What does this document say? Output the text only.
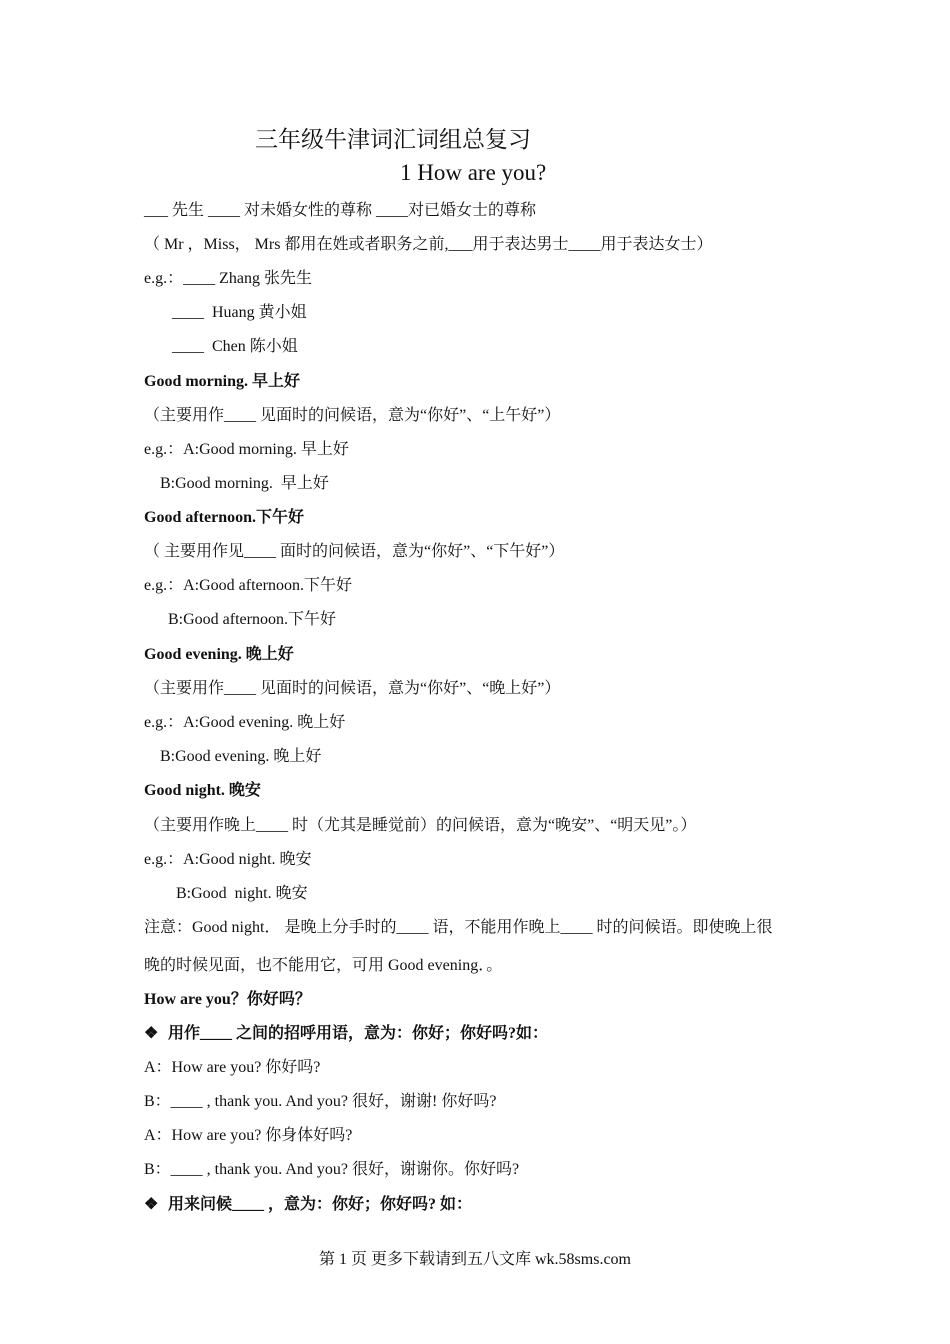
三年级牛津词汇词组总复习
1 How are you?
___ 先生 ____ 对未婚女性的尊称 ____对已婚女士的尊称
（ Mr ，Miss， Mrs 都用在姓或者职务之前,___用于表达男士____用于表达女士）
e.g.：____ Zhang 张先生
____  Huang 黄小姐
____  Chen 陈小姐
Good morning. 早上好
（主要用作____ 见面时的问候语，意为“你好”、“上午好”）
e.g.：A:Good morning. 早上好
B:Good morning.  早上好
Good afternoon.下午好
（ 主要用作见____ 面时的问候语，意为“你好”、“下午好”）
e.g.：A:Good afternoon.下午好
B:Good afternoon.下午好
Good evening. 晚上好
（主要用作____ 见面时的问候语，意为“你好”、“晚上好”）
e.g.：A:Good evening. 晚上好
B:Good evening. 晚上好
Good night. 晚安
（主要用作晚上____ 时（尤其是睡觉前）的问候语，意为“晚安”、“明天见”。）
e.g.：A:Good night. 晚安
B:Good  night. 晚安
注意：Good night． 是晚上分手时的____ 语，不能用作晚上____ 时的问候语。即使晚上很
晚的时候见面，也不能用它，可用 Good evening．。
How are you？你好吗？
❖ 用作____ 之间的招呼用语，意为：你好；你好吗?如：
A：How are you? 你好吗?
B：____ , thank you. And you? 很好，谢谢! 你好吗?
A：How are you? 你身体好吗?
B：____ , thank you. And you? 很好，谢谢你。你好吗?
❖ 用来问候____ ，意为：你好；你好吗? 如：
第 1 页 更多下载请到五八文库 wk.58sms.com
